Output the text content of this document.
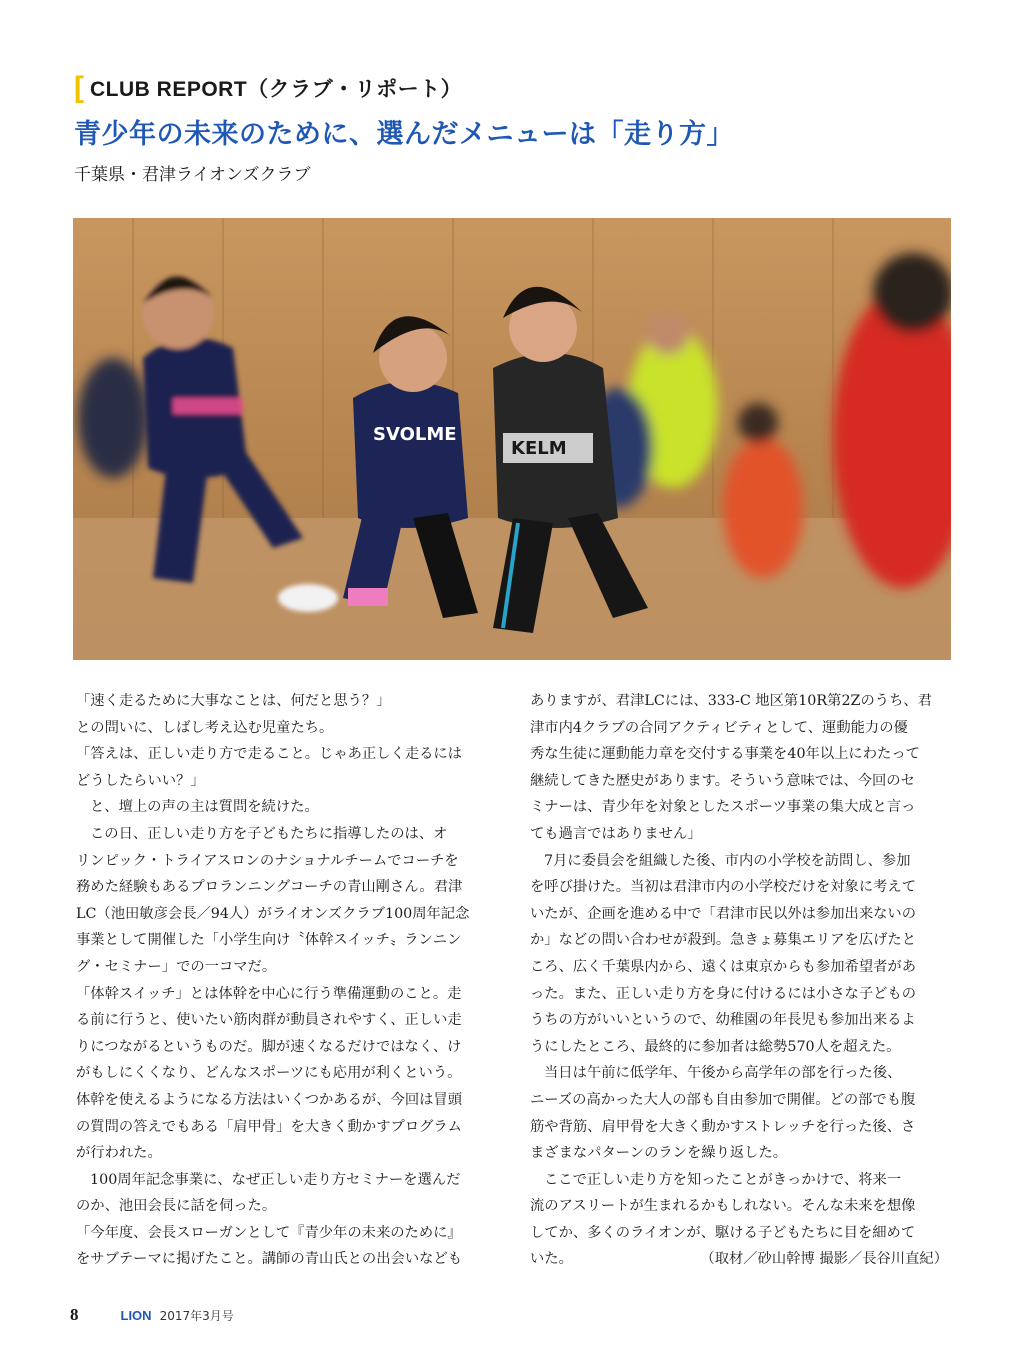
[ CLUB REPORT（クラブ・リポート）
青少年の未来のために、選んだメニューは「走り方」
千葉県・君津ライオンズクラブ
SVOLME
KELM

「速く走るために大事なことは、何だと思う？」

との問いに、しばし考え込む児童たち。

「答えは、正しい走り方で走ること。じゃあ正しく走るには

どうしたらいい？」

と、壇上の声の主は質問を続けた。

この日、正しい走り方を子どもたちに指導したのは、オ

リンピック・トライアスロンのナショナルチームでコーチを

務めた経験もあるプロランニングコーチの青山剛さん。君津

LC（池田敏彦会長／94人）がライオンズクラブ100周年記念

事業として開催した「小学生向け〝体幹スイッチ〟ランニン

グ・セミナー」での一コマだ。

「体幹スイッチ」とは体幹を中心に行う準備運動のこと。走

る前に行うと、使いたい筋肉群が動員されやすく、正しい走

りにつながるというものだ。脚が速くなるだけではなく、け

がもしにくくなり、どんなスポーツにも応用が利くという。

体幹を使えるようになる方法はいくつかあるが、今回は冒頭

の質問の答えでもある「肩甲骨」を大きく動かすプログラム

が行われた。

100周年記念事業に、なぜ正しい走り方セミナーを選んだ

のか、池田会長に話を伺った。

「今年度、会長スローガンとして『青少年の未来のために』

をサブテーマに掲げたこと。講師の青山氏との出会いなども

ありますが、君津LCには、333-C 地区第10R第2Zのうち、君

津市内4クラブの合同アクティビティとして、運動能力の優

秀な生徒に運動能力章を交付する事業を40年以上にわたって

継続してきた歴史があります。そういう意味では、今回のセ

ミナーは、青少年を対象としたスポーツ事業の集大成と言っ

ても過言ではありません」

7月に委員会を組織した後、市内の小学校を訪問し、参加

を呼び掛けた。当初は君津市内の小学校だけを対象に考えて

いたが、企画を進める中で「君津市民以外は参加出来ないの

か」などの問い合わせが殺到。急きょ募集エリアを広げたと

ころ、広く千葉県内から、遠くは東京からも参加希望者があ

った。また、正しい走り方を身に付けるには小さな子どもの

うちの方がいいというので、幼稚園の年長児も参加出来るよ

うにしたところ、最終的に参加者は総勢570人を超えた。

当日は午前に低学年、午後から高学年の部を行った後、

ニーズの高かった大人の部も自由参加で開催。どの部でも腹

筋や背筋、肩甲骨を大きく動かすストレッチを行った後、さ

まざまなパターンのランを繰り返した。

ここで正しい走り方を知ったことがきっかけで、将来一

流のアスリートが生まれるかもしれない。そんな未来を想像

してか、多くのライオンが、駆ける子どもたちに目を細めて

いた。	（取材／砂山幹博 撮影／長谷川直紀）

8	LION 2017年3月号
